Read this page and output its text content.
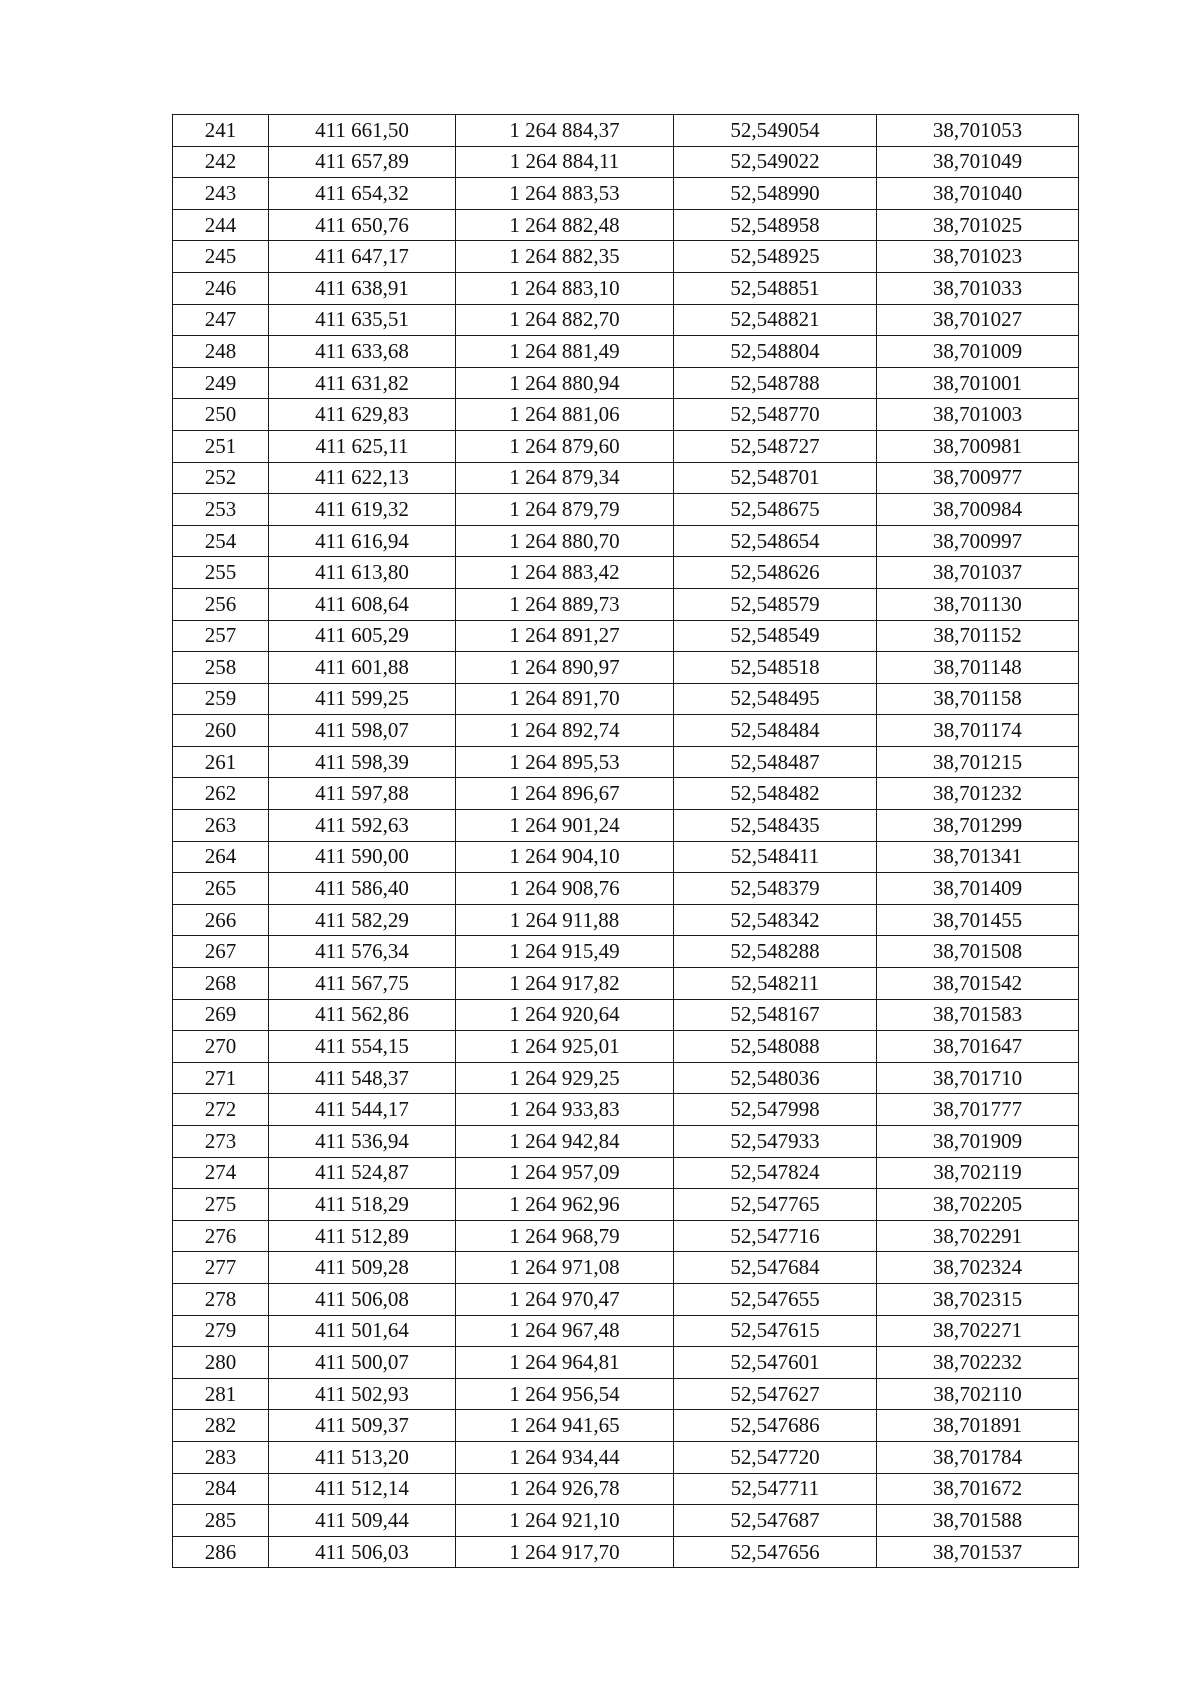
241	411 661,50	1 264 884,37	52,549054	38,701053
242	411 657,89	1 264 884,11	52,549022	38,701049
243	411 654,32	1 264 883,53	52,548990	38,701040
244	411 650,76	1 264 882,48	52,548958	38,701025
245	411 647,17	1 264 882,35	52,548925	38,701023
246	411 638,91	1 264 883,10	52,548851	38,701033
247	411 635,51	1 264 882,70	52,548821	38,701027
248	411 633,68	1 264 881,49	52,548804	38,701009
249	411 631,82	1 264 880,94	52,548788	38,701001
250	411 629,83	1 264 881,06	52,548770	38,701003
251	411 625,11	1 264 879,60	52,548727	38,700981
252	411 622,13	1 264 879,34	52,548701	38,700977
253	411 619,32	1 264 879,79	52,548675	38,700984
254	411 616,94	1 264 880,70	52,548654	38,700997
255	411 613,80	1 264 883,42	52,548626	38,701037
256	411 608,64	1 264 889,73	52,548579	38,701130
257	411 605,29	1 264 891,27	52,548549	38,701152
258	411 601,88	1 264 890,97	52,548518	38,701148
259	411 599,25	1 264 891,70	52,548495	38,701158
260	411 598,07	1 264 892,74	52,548484	38,701174
261	411 598,39	1 264 895,53	52,548487	38,701215
262	411 597,88	1 264 896,67	52,548482	38,701232
263	411 592,63	1 264 901,24	52,548435	38,701299
264	411 590,00	1 264 904,10	52,548411	38,701341
265	411 586,40	1 264 908,76	52,548379	38,701409
266	411 582,29	1 264 911,88	52,548342	38,701455
267	411 576,34	1 264 915,49	52,548288	38,701508
268	411 567,75	1 264 917,82	52,548211	38,701542
269	411 562,86	1 264 920,64	52,548167	38,701583
270	411 554,15	1 264 925,01	52,548088	38,701647
271	411 548,37	1 264 929,25	52,548036	38,701710
272	411 544,17	1 264 933,83	52,547998	38,701777
273	411 536,94	1 264 942,84	52,547933	38,701909
274	411 524,87	1 264 957,09	52,547824	38,702119
275	411 518,29	1 264 962,96	52,547765	38,702205
276	411 512,89	1 264 968,79	52,547716	38,702291
277	411 509,28	1 264 971,08	52,547684	38,702324
278	411 506,08	1 264 970,47	52,547655	38,702315
279	411 501,64	1 264 967,48	52,547615	38,702271
280	411 500,07	1 264 964,81	52,547601	38,702232
281	411 502,93	1 264 956,54	52,547627	38,702110
282	411 509,37	1 264 941,65	52,547686	38,701891
283	411 513,20	1 264 934,44	52,547720	38,701784
284	411 512,14	1 264 926,78	52,547711	38,701672
285	411 509,44	1 264 921,10	52,547687	38,701588
286	411 506,03	1 264 917,70	52,547656	38,701537
